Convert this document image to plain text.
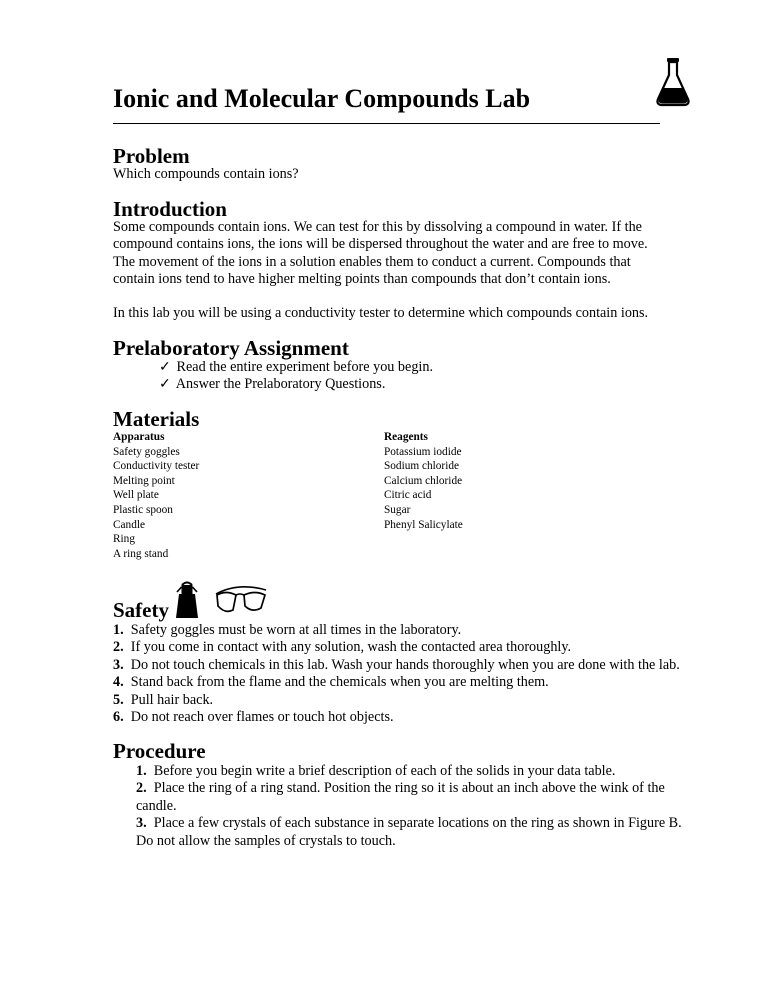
Ionic and Molecular Compounds Lab
Problem

Which compounds contain ions?

Introduction

Some compounds contain ions. We can test for this by dissolving a compound in water. If the compound contains ions, the ions will be dispersed throughout the water and are free to move. The movement of the ions in a solution enables them to conduct a current. Compounds that contain ions tend to have higher melting points than compounds that don’t contain ions.

In this lab you will be using a conductivity tester to determine which compounds contain ions.

Prelaboratory Assignment
✓ Read the entire experiment before you begin.
✓ Answer the Prelaboratory Questions.
Materials
Apparatus
Safety goggles
Conductivity tester
Melting point
Well plate
Plastic spoon
Candle
Ring
A ring stand
Reagents
Potassium iodide
Sodium chloride
Calcium chloride
Citric acid
Sugar
Phenyl Salicylate
Safety
1. Safety goggles must be worn at all times in the laboratory.
2. If you come in contact with any solution, wash the contacted area thoroughly.
3. Do not touch chemicals in this lab. Wash your hands thoroughly when you are done with the lab.
4. Stand back from the flame and the chemicals when you are melting them.
5. Pull hair back.
6. Do not reach over flames or touch hot objects.
Procedure
1. Before you begin write a brief description of each of the solids in your data table.
2. Place the ring of a ring stand. Position the ring so it is about an inch above the wink of the candle.
3. Place a few crystals of each substance in separate locations on the ring as shown in Figure B. Do not allow the samples of crystals to touch.
